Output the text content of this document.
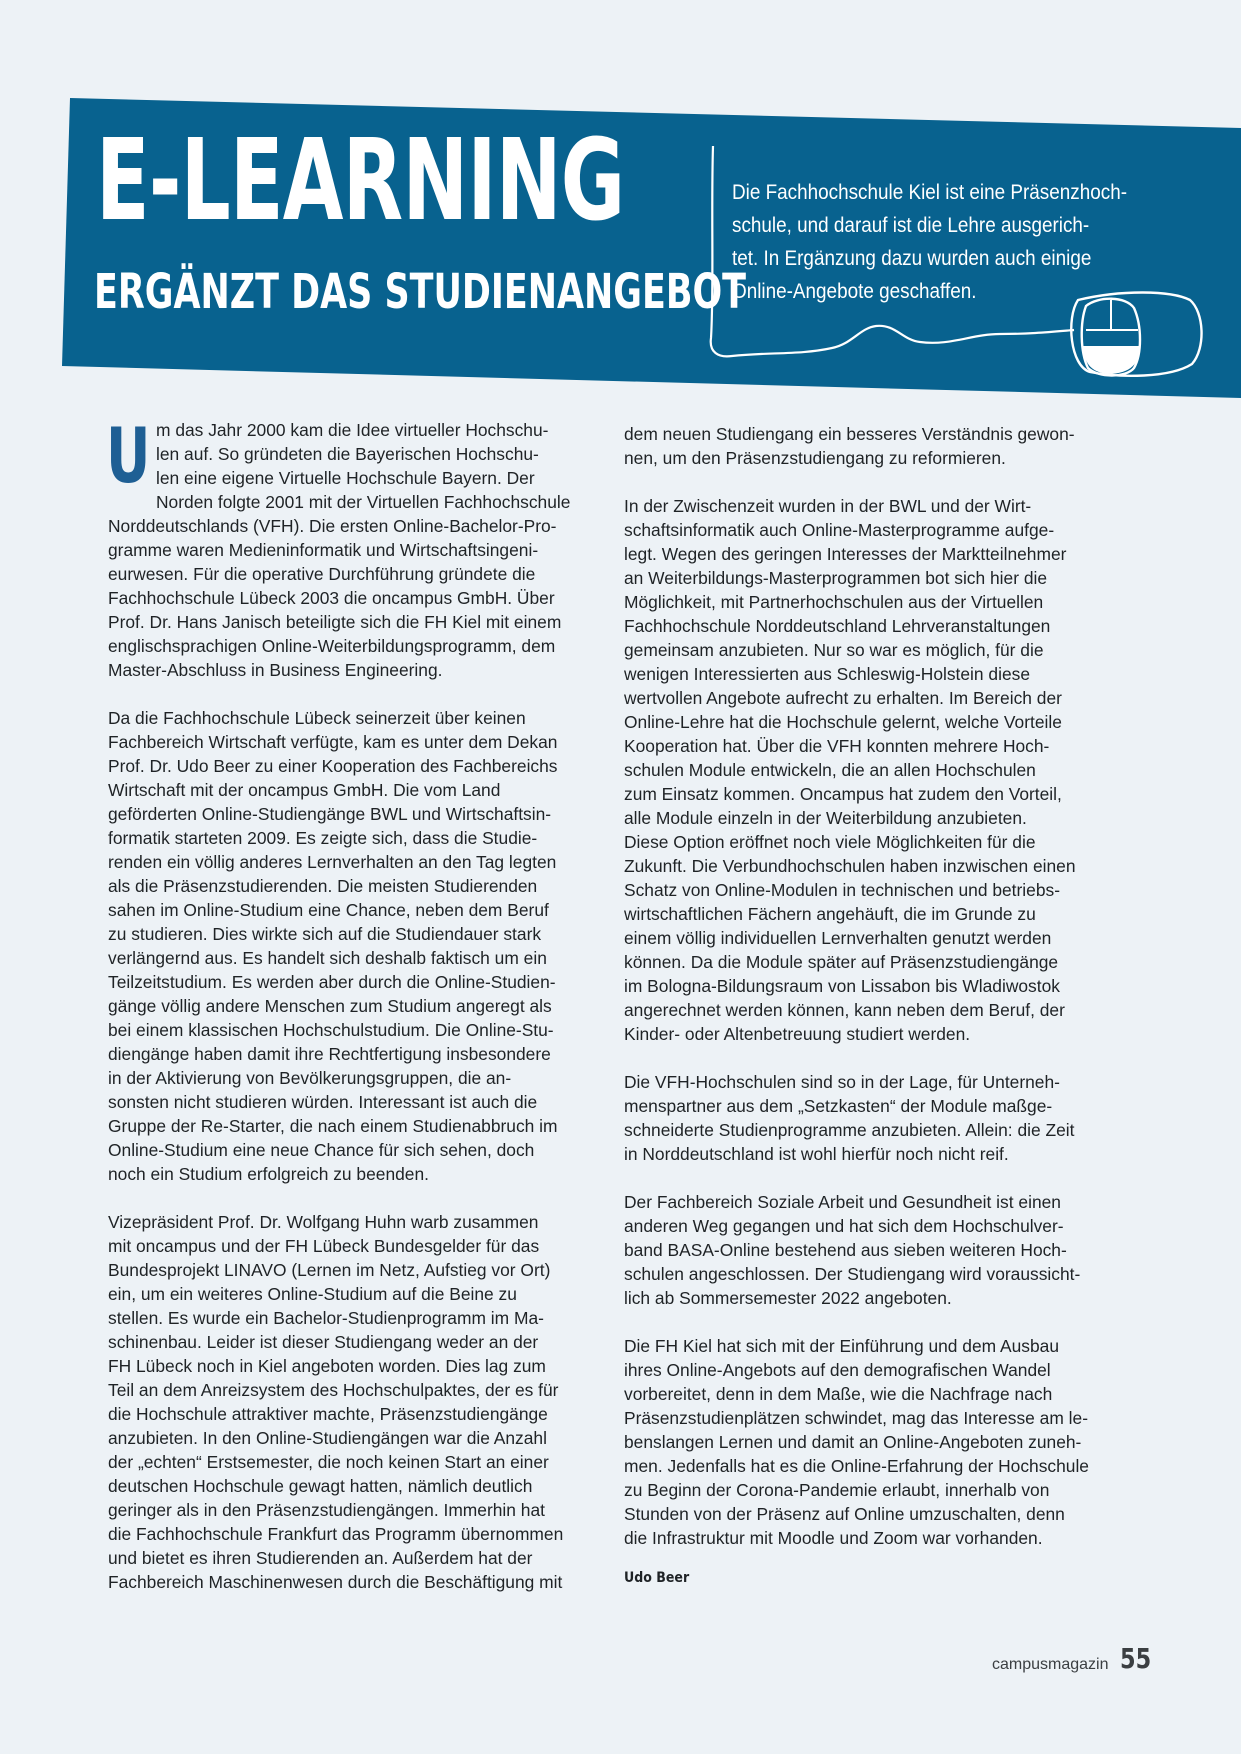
E-LEARNING
ERGÄNZT DAS STUDIENANGEBOT
Die Fachhochschule Kiel ist eine Präsenzhoch-
schule, und darauf ist die Lehre ausgerich-
tet. In Ergänzung dazu wurden auch einige
Online-Angebote geschaffen.
U m das Jahr 2000 kam die Idee virtueller Hochschu-
len auf. So gründeten die Bayerischen Hochschu-
len eine eigene Virtuelle Hochschule Bayern. Der
Norden folgte 2001 mit der Virtuellen Fachhochschule
Norddeutschlands (VFH). Die ersten Online-Bachelor-Pro-
gramme waren Medieninformatik und Wirtschaftsingeni-
eurwesen. Für die operative Durchführung gründete die
Fachhochschule Lübeck 2003 die oncampus GmbH. Über
Prof. Dr. Hans Janisch beteiligte sich die FH Kiel mit einem
englischsprachigen Online-Weiterbildungsprogramm, dem
Master-Abschluss in Business Engineering.

Da die Fachhochschule Lübeck seinerzeit über keinen
Fachbereich Wirtschaft verfügte, kam es unter dem Dekan
Prof. Dr. Udo Beer zu einer Kooperation des Fachbereichs
Wirtschaft mit der oncampus GmbH. Die vom Land
geförderten Online-Studiengänge BWL und Wirtschaftsin-
formatik starteten 2009. Es zeigte sich, dass die Studie-
renden ein völlig anderes Lernverhalten an den Tag legten
als die Präsenzstudierenden. Die meisten Studierenden
sahen im Online-Studium eine Chance, neben dem Beruf
zu studieren. Dies wirkte sich auf die Studiendauer stark
verlängernd aus. Es handelt sich deshalb faktisch um ein
Teilzeitstudium. Es werden aber durch die Online-Studien-
gänge völlig andere Menschen zum Studium angeregt als
bei einem klassischen Hochschulstudium. Die Online-Stu-
diengänge haben damit ihre Rechtfertigung insbesondere
in der Aktivierung von Bevölkerungsgruppen, die an-
sonsten nicht studieren würden. Interessant ist auch die
Gruppe der Re-Starter, die nach einem Studienabbruch im
Online-Studium eine neue Chance für sich sehen, doch
noch ein Studium erfolgreich zu beenden.

Vizepräsident Prof. Dr. Wolfgang Huhn warb zusammen
mit oncampus und der FH Lübeck Bundesgelder für das
Bundesprojekt LINAVO (Lernen im Netz, Aufstieg vor Ort)
ein, um ein weiteres Online-Studium auf die Beine zu
stellen. Es wurde ein Bachelor-Studienprogramm im Ma-
schinenbau. Leider ist dieser Studiengang weder an der
FH Lübeck noch in Kiel angeboten worden. Dies lag zum
Teil an dem Anreizsystem des Hochschulpaktes, der es für
die Hochschule attraktiver machte, Präsenzstudiengänge
anzubieten. In den Online-Studiengängen war die Anzahl
der „echten“ Erstsemester, die noch keinen Start an einer
deutschen Hochschule gewagt hatten, nämlich deutlich
geringer als in den Präsenzstudiengängen. Immerhin hat
die Fachhochschule Frankfurt das Programm übernommen
und bietet es ihren Studierenden an. Außerdem hat der
Fachbereich Maschinenwesen durch die Beschäftigung mit

dem neuen Studiengang ein besseres Verständnis gewon-
nen, um den Präsenzstudiengang zu reformieren.

In der Zwischenzeit wurden in der BWL und der Wirt-
schaftsinformatik auch Online-Masterprogramme aufge-
legt. Wegen des geringen Interesses der Marktteilnehmer
an Weiterbildungs-Masterprogrammen bot sich hier die
Möglichkeit, mit Partnerhochschulen aus der Virtuellen
Fachhochschule Norddeutschland Lehrveranstaltungen
gemeinsam anzubieten. Nur so war es möglich, für die
wenigen Interessierten aus Schleswig-Holstein diese
wertvollen Angebote aufrecht zu erhalten. Im Bereich der
Online-Lehre hat die Hochschule gelernt, welche Vorteile
Kooperation hat. Über die VFH konnten mehrere Hoch-
schulen Module entwickeln, die an allen Hochschulen
zum Einsatz kommen. Oncampus hat zudem den Vorteil,
alle Module einzeln in der Weiterbildung anzubieten.
Diese Option eröffnet noch viele Möglichkeiten für die
Zukunft. Die Verbundhochschulen haben inzwischen einen
Schatz von Online-Modulen in technischen und betriebs-
wirtschaftlichen Fächern angehäuft, die im Grunde zu
einem völlig individuellen Lernverhalten genutzt werden
können. Da die Module später auf Präsenzstudiengänge
im Bologna-Bildungsraum von Lissabon bis Wladiwostok
angerechnet werden können, kann neben dem Beruf, der
Kinder- oder Altenbetreuung studiert werden.

Die VFH-Hochschulen sind so in der Lage, für Unterneh-
menspartner aus dem „Setzkasten“ der Module maßge-
schneiderte Studienprogramme anzubieten. Allein: die Zeit
in Norddeutschland ist wohl hierfür noch nicht reif.

Der Fachbereich Soziale Arbeit und Gesundheit ist einen
anderen Weg gegangen und hat sich dem Hochschulver-
band BASA-Online bestehend aus sieben weiteren Hoch-
schulen angeschlossen. Der Studiengang wird voraussicht-
lich ab Sommersemester 2022 angeboten.

Die FH Kiel hat sich mit der Einführung und dem Ausbau
ihres Online-Angebots auf den demografischen Wandel
vorbereitet, denn in dem Maße, wie die Nachfrage nach
Präsenzstudienplätzen schwindet, mag das Interesse am le-
benslangen Lernen und damit an Online-Angeboten zuneh-
men. Jedenfalls hat es die Online-Erfahrung der Hochschule
zu Beginn der Corona-Pandemie erlaubt, innerhalb von
Stunden von der Präsenz auf Online umzuschalten, denn
die Infrastruktur mit Moodle und Zoom war vorhanden.

Udo Beer
campusmagazin 55
